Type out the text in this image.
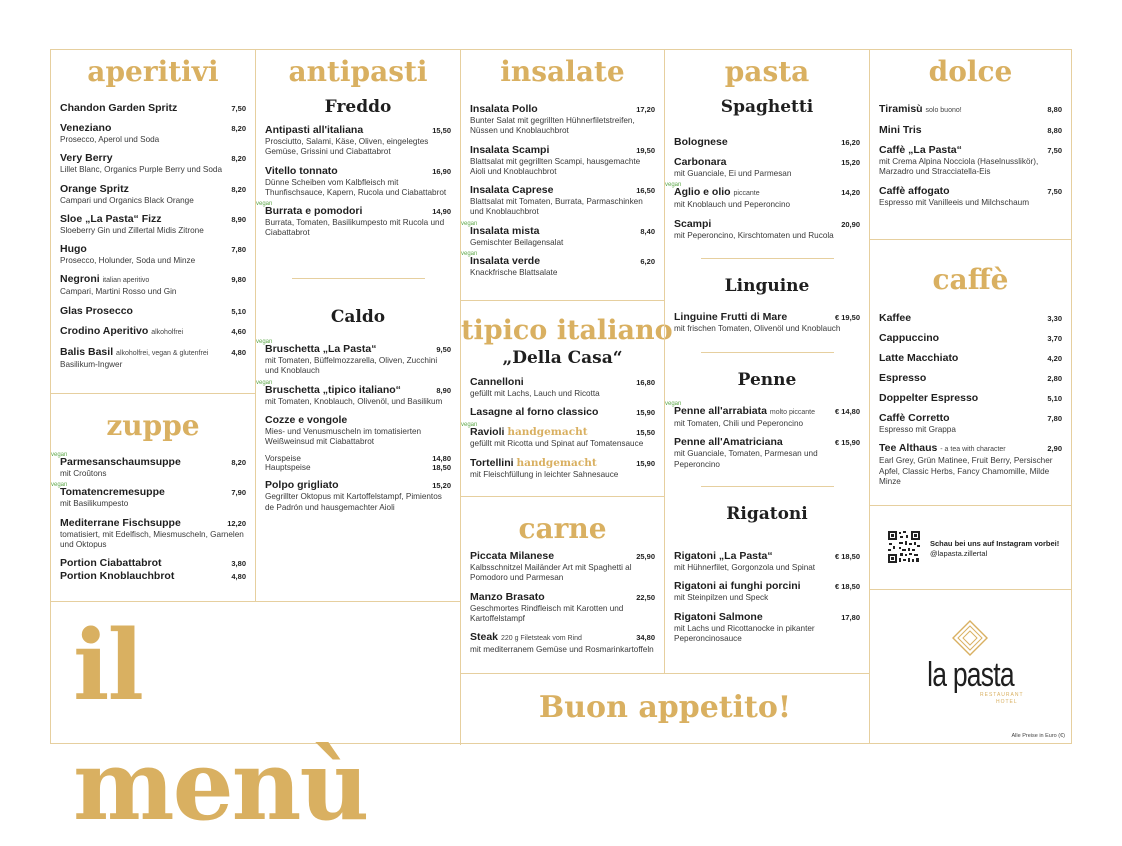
aperitivi
Chandon Garden Spritz	7,50
Veneziano	8,20
Prosecco, Aperol und Soda
Very Berry	8,20
Lillet Blanc, Organics Purple Berry und Soda
Orange Spritz	8,20
Campari und Organics Black Orange
Sloe „La Pasta“ Fizz	8,90
Sloeberry Gin und Zillertal Midis Zitrone
Hugo	7,80
Prosecco, Holunder, Soda und Minze
Negroni italian aperitivo	9,80
Campari, Martini Rosso und Gin
Glas Prosecco	5,10
Crodino Aperitivo alkoholfrei	4,60
Balis Basil alkoholfrei, vegan & glutenfrei	4,80
Basilikum-Ingwer
zuppe
vegan
Parmesanschaumsuppe	8,20
mit Croûtons
vegan
Tomatencremesuppe	7,90
mit Basilikumpesto
Mediterrane Fischsuppe	12,20
tomatisiert, mit Edelfisch, Miesmuscheln, Garnelen und Oktopus
Portion Ciabattabrot	3,80
Portion Knoblauchbrot	4,80
antipasti
Freddo
Antipasti all'italiana	15,50
Prosciutto, Salami, Käse, Oliven, eingelegtes Gemüse, Grissini und Ciabattabrot
Vitello tonnato	16,90
Dünne Scheiben vom Kalbfleisch mit Thunfischsauce, Kapern, Rucola und Ciabattabrot
vegan
Burrata e pomodori	14,90
Burrata, Tomaten, Basilikumpesto mit Rucola und Ciabattabrot
Caldo
vegan
Bruschetta „La Pasta“	9,50
mit Tomaten, Büffelmozzarella, Oliven, Zucchini und Knoblauch
vegan
Bruschetta „tipico italiano“	8,90
mit Tomaten, Knoblauch, Olivenöl, und Basilikum
Cozze e vongole
Mies- und Venusmuscheln im tomatisierten Weißweinsud mit Ciabattabrot
Vorspeise	14,80
Hauptspeise	18,50
Polpo grigliato	15,20
Gegrillter Oktopus mit Kartoffelstampf, Pimientos de Padrón und hausgemachter Aioli
il menù
insalate
Insalata Pollo	17,20
Bunter Salat mit gegrillten Hühnerfiletstreifen, Nüssen und Knoblauchbrot
Insalata Scampi	19,50
Blattsalat mit gegrillten Scampi, hausgemachte Aioli und Knoblauchbrot
Insalata Caprese	16,50
Blattsalat mit Tomaten, Burrata, Parmaschinken und Knoblauchbrot
vegan
Insalata mista	8,40
Gemischter Beilagensalat
vegan
Insalata verde	6,20
Knackfrische Blattsalate
tipico italiano
„Della Casa“
Cannelloni	16,80
gefüllt mit Lachs, Lauch und Ricotta
Lasagne al forno classico	15,90
vegan
Ravioli handgemacht	15,50
gefüllt mit Ricotta und Spinat auf Tomatensauce
Tortellini handgemacht	15,90
mit Fleischfüllung in leichter Sahnesauce
carne
Piccata Milanese	25,90
Kalbsschnitzel Mailänder Art mit Spaghetti al Pomodoro und Parmesan
Manzo Brasato	22,50
Geschmortes Rindfleisch mit Karotten und Kartoffelstampf
Steak 220 g Filetsteak vom Rind	34,80
mit mediterranem Gemüse und Rosmarinkartoffeln
Buon appetito!
pasta
Spaghetti
Bolognese	16,20
Carbonara	15,20
mit Guanciale, Ei und Parmesan
vegan
Aglio e olio piccante	14,20
mit Knoblauch und Peperoncino
Scampi	20,90
mit Peperoncino, Kirschtomaten und Rucola
Linguine
Linguine Frutti di Mare	€ 19,50
mit frischen Tomaten, Olivenöl und Knoblauch
Penne
vegan
Penne all'arrabiata molto piccante	€ 14,80
mit Tomaten, Chili und Peperoncino
Penne all'Amatriciana	€ 15,90
mit Guanciale, Tomaten, Parmesan und Peperoncino
Rigatoni
Rigatoni „La Pasta“	€ 18,50
mit Hühnerfilet, Gorgonzola und Spinat
Rigatoni ai funghi porcini	€ 18,50
mit Steinpilzen und Speck
Rigatoni Salmone	17,80
mit Lachs und Ricottanocke in pikanter Peperoncinosauce
dolce
Tiramisù solo buono!	8,80
Mini Tris	8,80
Caffè „La Pasta“	7,50
mit Crema Alpina Nocciola (Haselnusslikör), Marzadro und Stracciatella-Eis
Caffè affogato	7,50
Espresso mit Vanilleeis und Milchschaum
caffè
Kaffee	3,30
Cappuccino	3,70
Latte Macchiato	4,20
Espresso	2,80
Doppelter Espresso	5,10
Caffè Corretto	7,80
Espresso mit Grappa
Tee Althaus - a tea with character	2,90
Earl Grey, Grün Matinee, Fruit Berry, Persischer Apfel, Classic Herbs, Fancy Chamomille, Milde Minze
Schau bei uns auf Instagram vorbei!
@lapasta.zillertal
la pasta
RESTAURANT
HOTEL
Alle Preise in Euro (€)
